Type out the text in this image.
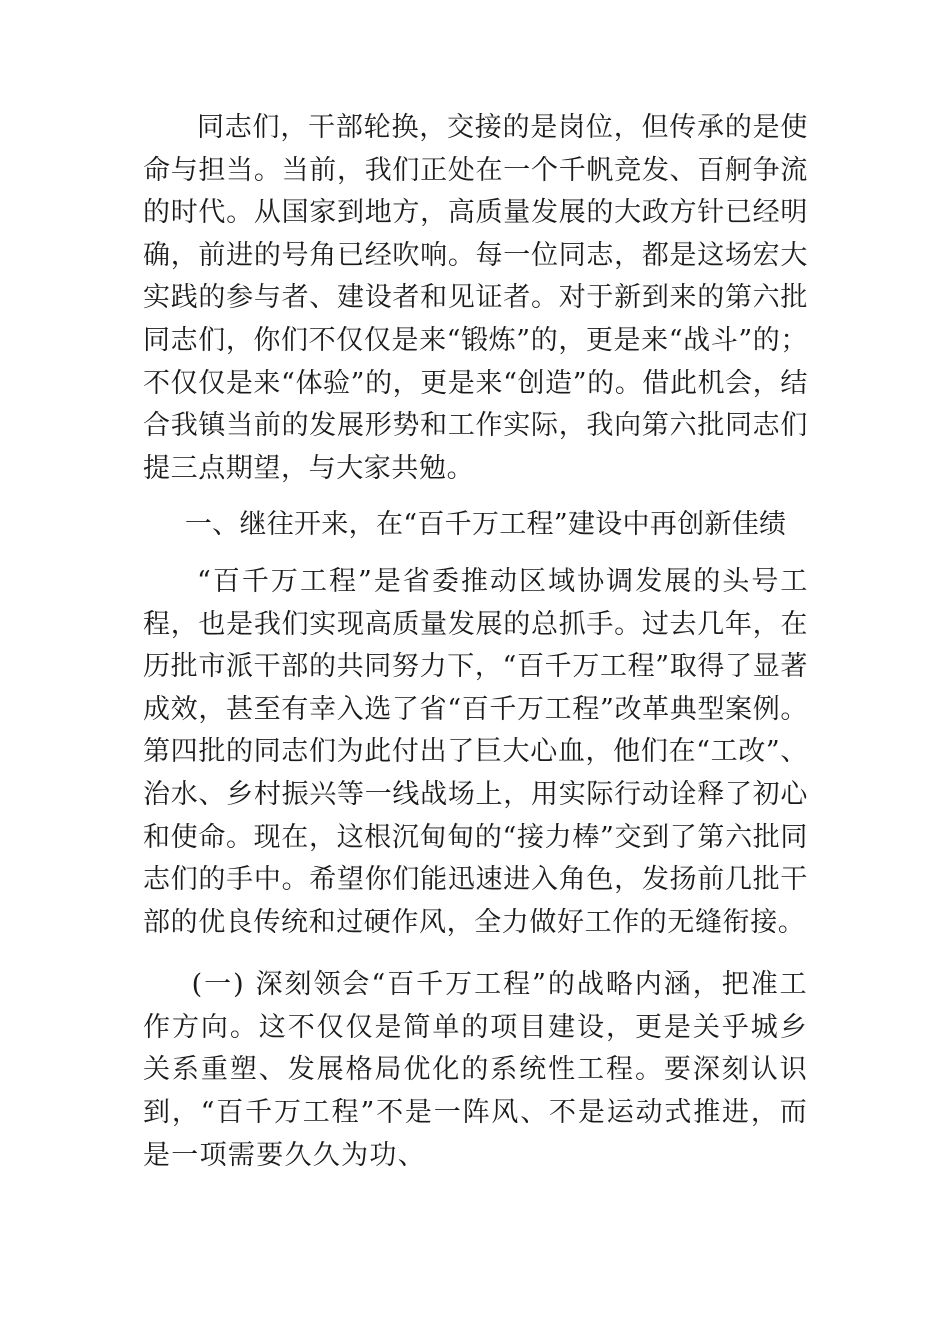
同志们，干部轮换，交接的是岗位，但传承的是使命与担当。当前，我们正处在一个千帆竞发、百舸争流的时代。从国家到地方，高质量发展的大政方针已经明确，前进的号角已经吹响。每一位同志，都是这场宏大实践的参与者、建设者和见证者。对于新到来的第六批同志们，你们不仅仅是来“锻炼”的，更是来“战斗”的；不仅仅是来“体验”的，更是来“创造”的。借此机会，结合我镇当前的发展形势和工作实际，我向第六批同志们提三点期望，与大家共勉。

一、继往开来，在“百千万工程”建设中再创新佳绩

“百千万工程”是省委推动区域协调发展的头号工程，也是我们实现高质量发展的总抓手。过去几年，在历批市派干部的共同努力下，“百千万工程”取得了显著成效，甚至有幸入选了省“百千万工程”改革典型案例。第四批的同志们为此付出了巨大心血，他们在“工改”、治水、乡村振兴等一线战场上，用实际行动诠释了初心和使命。现在，这根沉甸甸的“接力棒”交到了第六批同志们的手中。希望你们能迅速进入角色，发扬前几批干部的优良传统和过硬作风，全力做好工作的无缝衔接。

(一) 深刻领会“百千万工程”的战略内涵，把准工作方向。这不仅仅是简单的项目建设，更是关乎城乡关系重塑、发展格局优化的系统性工程。要深刻认识到，“百千万工程”不是一阵风、不是运动式推进，而是一项需要久久为功、
